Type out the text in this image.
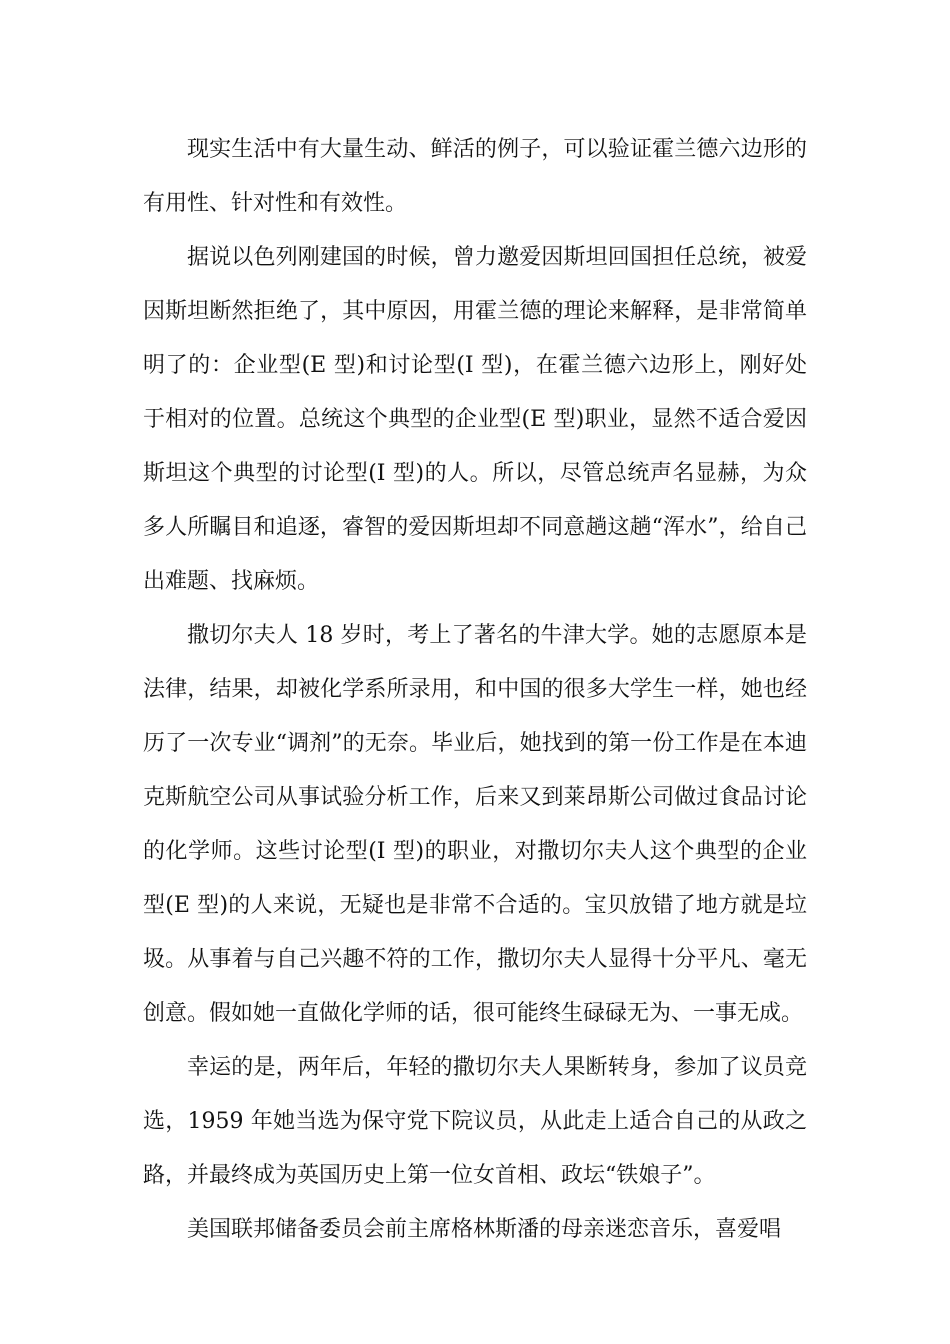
现实生活中有大量生动、鲜活的例子，可以验证霍兰德六边形的有用性、针对性和有效性。

据说以色列刚建国的时候，曾力邀爱因斯坦回国担任总统，被爱因斯坦断然拒绝了，其中原因，用霍兰德的理论来解释，是非常简单明了的：企业型(E 型)和讨论型(I 型)，在霍兰德六边形上，刚好处于相对的位置。总统这个典型的企业型(E 型)职业，显然不适合爱因斯坦这个典型的讨论型(I 型)的人。所以，尽管总统声名显赫，为众多人所瞩目和追逐，睿智的爱因斯坦却不同意趟这趟“浑水”，给自己出难题、找麻烦。

撒切尔夫人 18 岁时，考上了著名的牛津大学。她的志愿原本是法律，结果，却被化学系所录用，和中国的很多大学生一样，她也经历了一次专业“调剂”的无奈。毕业后，她找到的第一份工作是在本迪克斯航空公司从事试验分析工作，后来又到莱昂斯公司做过食品讨论的化学师。这些讨论型(I 型)的职业，对撒切尔夫人这个典型的企业型(E 型)的人来说，无疑也是非常不合适的。宝贝放错了地方就是垃圾。从事着与自己兴趣不符的工作，撒切尔夫人显得十分平凡、毫无创意。假如她一直做化学师的话，很可能终生碌碌无为、一事无成。

幸运的是，两年后，年轻的撒切尔夫人果断转身，参加了议员竞选，1959 年她当选为保守党下院议员，从此走上适合自己的从政之路，并最终成为英国历史上第一位女首相、政坛“铁娘子”。

美国联邦储备委员会前主席格林斯潘的母亲迷恋音乐，喜爱唱
